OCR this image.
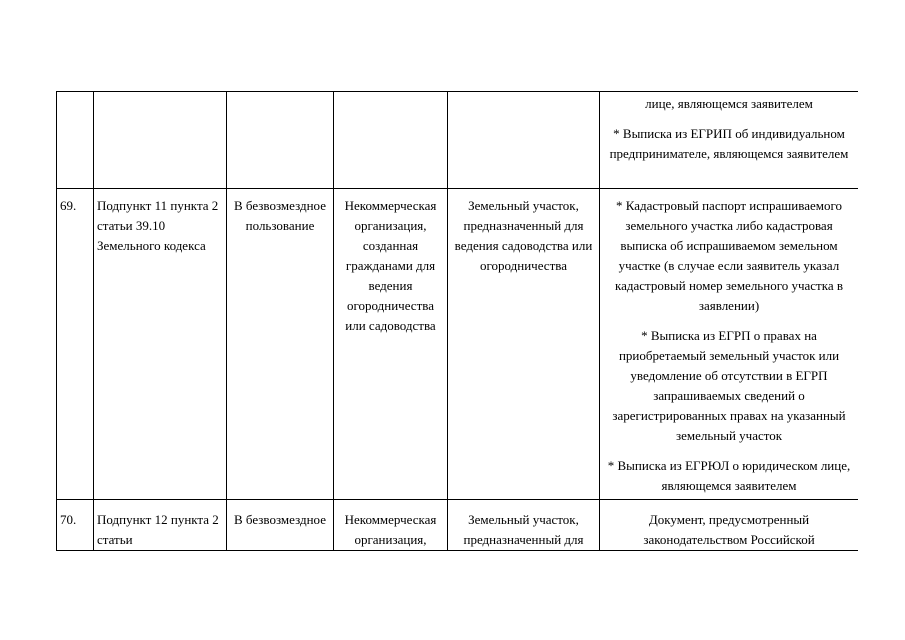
					лице, являющемся заявителем

* Выписка из ЕГРИП об индивидуальном предпринимателе, являющемся заявителем

69.	Подпункт 11 пункта 2 статьи 39.10 Земельного кодекса	В безвозмездное пользование	Некоммерческая организация, созданная гражданами для ведения огородничества или садоводства	Земельный участок, предназначенный для ведения садоводства или огородничества	* Кадастровый паспорт испрашиваемого земельного участка либо кадастровая выписка об испрашиваемом земельном участке (в случае если заявитель указал кадастровый номер земельного участка в заявлении)

* Выписка из ЕГРП о правах на приобретаемый земельный участок или уведомление об отсутствии в ЕГРП запрашиваемых сведений о зарегистрированных правах на указанный земельный участок

* Выписка из ЕГРЮЛ о юридическом лице, являющемся заявителем

70.	Подпункт 12 пункта 2 статьи	В безвозмездное	Некоммерческая организация,	Земельный участок, предназначенный для	Документ, предусмотренный законодательством Российской
